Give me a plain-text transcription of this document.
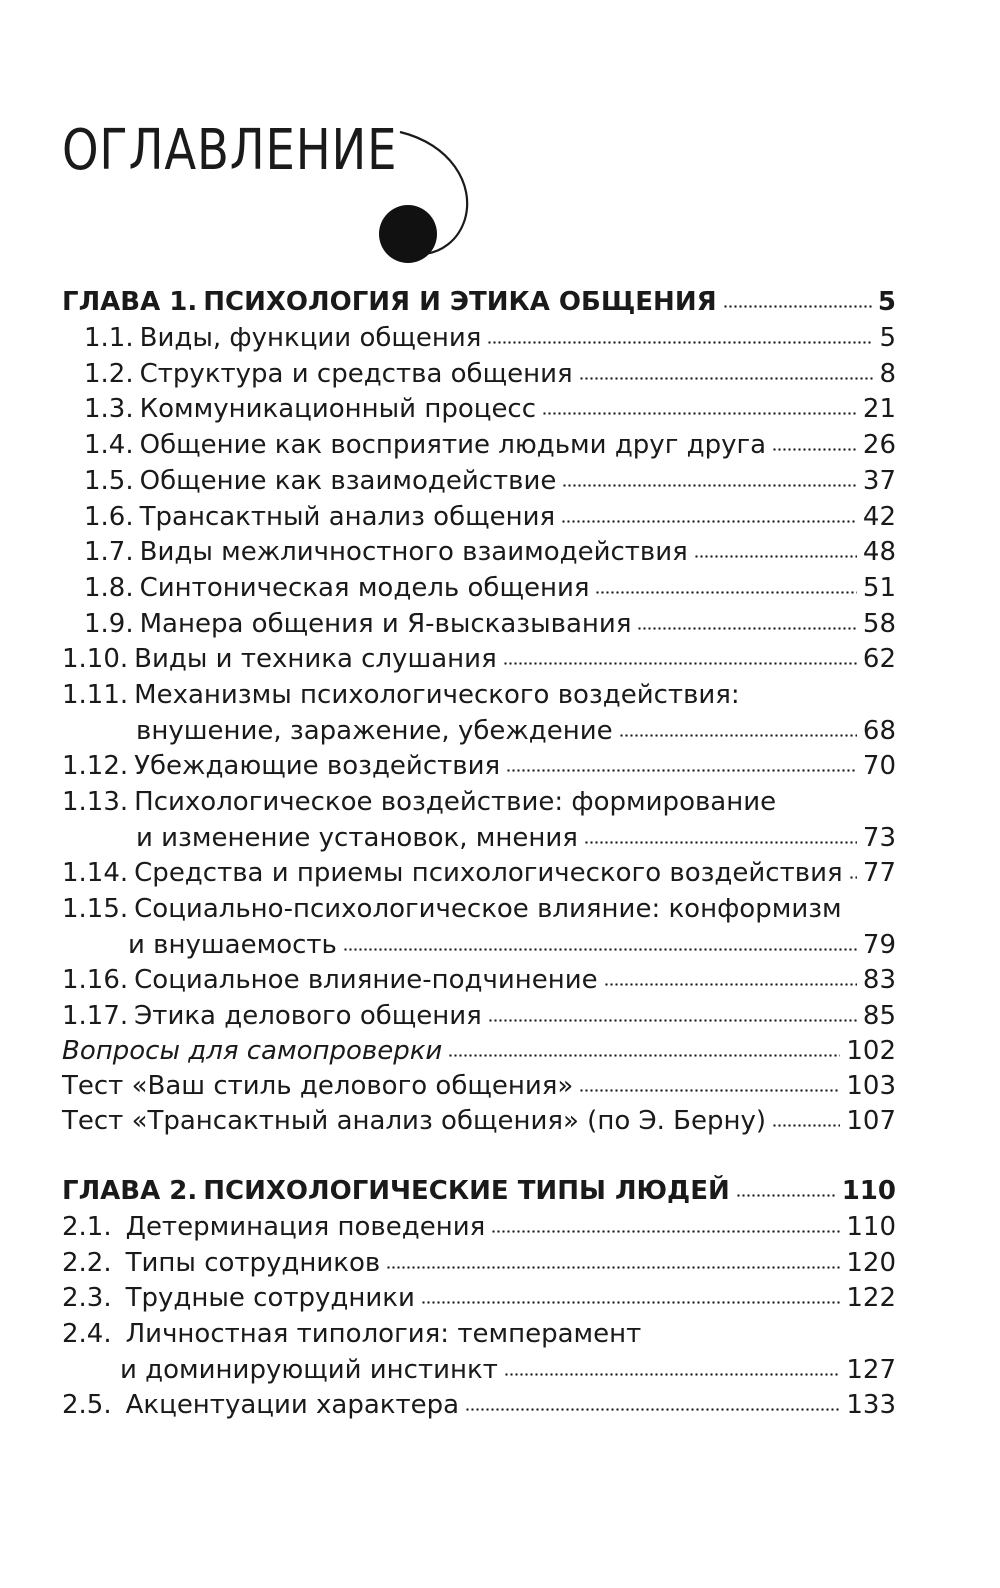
ОГЛАВЛЕНИЕ
ГЛАВА 1. ПСИХОЛОГИЯ И ЭТИКА ОБЩЕНИЯ	5
1.1. Виды, функции общения	5
1.2. Структура и средства общения	8
1.3. Коммуникационный процесс	21
1.4. Общение как восприятие людьми друг друга	26
1.5. Общение как взаимодействие	37
1.6. Трансактный анализ общения	42
1.7. Виды межличностного взаимодействия	48
1.8. Синтоническая модель общения	51
1.9. Манера общения и Я-высказывания	58
1.10. Виды и техника слушания	62
1.11. Механизмы психологического воздействия:
внушение, заражение, убеждение	68
1.12. Убеждающие воздействия	70
1.13. Психологическое воздействие: формирование
и изменение установок, мнения	73
1.14. Средства и приемы психологического воздействия 77
1.15. Социально-психологическое влияние: конформизм
и внушаемость	79
1.16. Социальное влияние-подчинение	83
1.17. Этика делового общения	85
Вопросы для самопроверки	102
Тест «Ваш стиль делового общения»	103
Тест «Трансактный анализ общения» (по Э. Берну)	107
ГЛАВА 2. ПСИХОЛОГИЧЕСКИЕ ТИПЫ ЛЮДЕЙ	110
2.1. Детерминация поведения	110
2.2. Типы сотрудников	120
2.3. Трудные сотрудники	122
2.4. Личностная типология: темперамент
и доминирующий инстинкт	127
2.5. Акцентуации характера	133
